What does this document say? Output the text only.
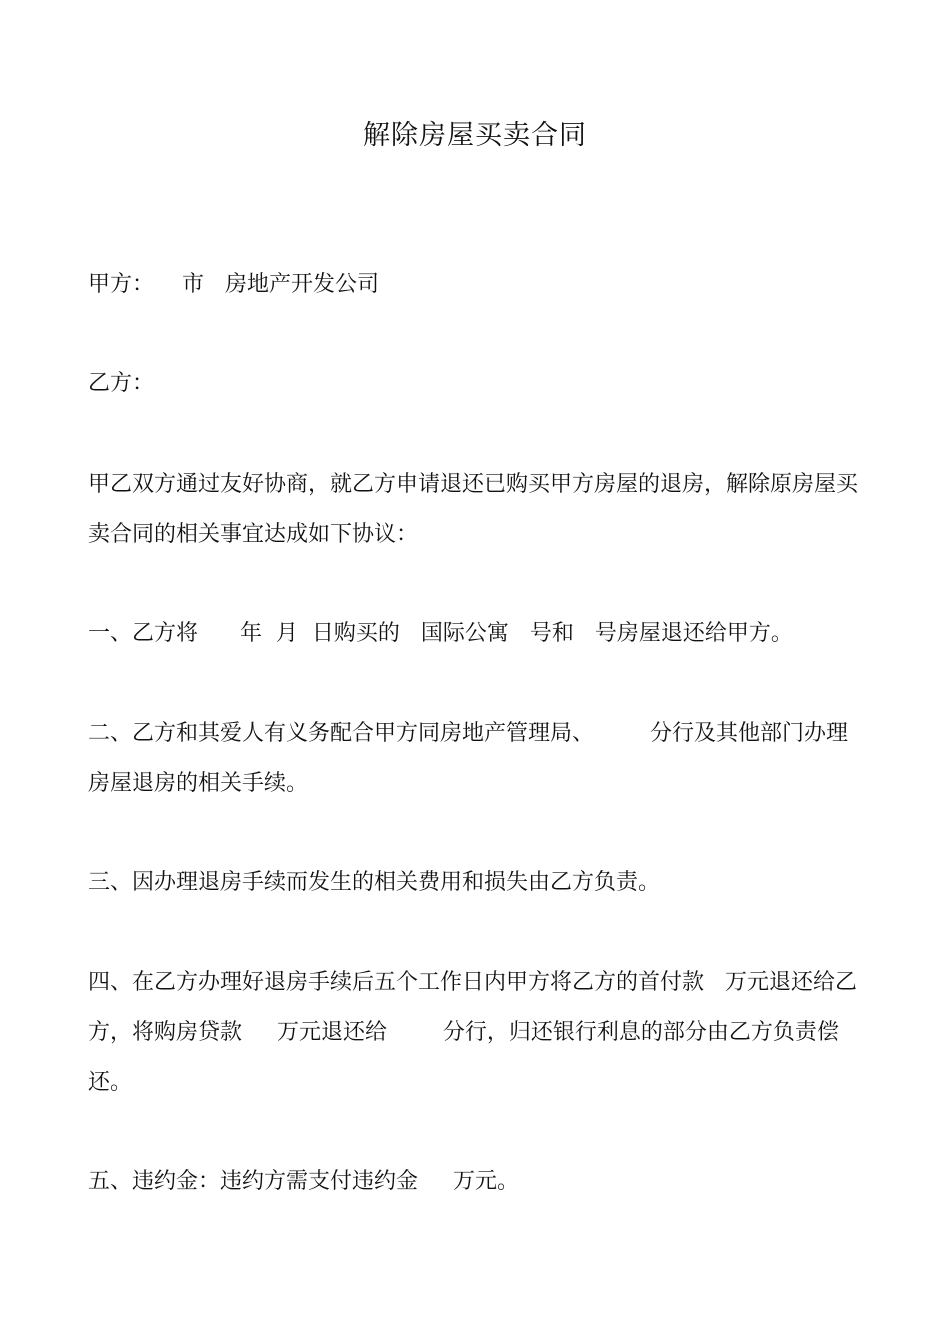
解除房屋买卖合同

甲方：    市   房地产开发公司

乙方：

甲乙双方通过友好协商，就乙方申请退还已购买甲方房屋的退房，解除原房屋买卖合同的相关事宜达成如下协议：

一、乙方将      年  月  日购买的   国际公寓   号和   号房屋退还给甲方。

二、乙方和其爱人有义务配合甲方同房地产管理局、        分行及其他部门办理房屋退房的相关手续。

三、因办理退房手续而发生的相关费用和损失由乙方负责。

四、在乙方办理好退房手续后五个工作日内甲方将乙方的首付款   万元退还给乙方，将购房贷款     万元退还给        分行，归还银行利息的部分由乙方负责偿还。

五、违约金：违约方需支付违约金     万元。
